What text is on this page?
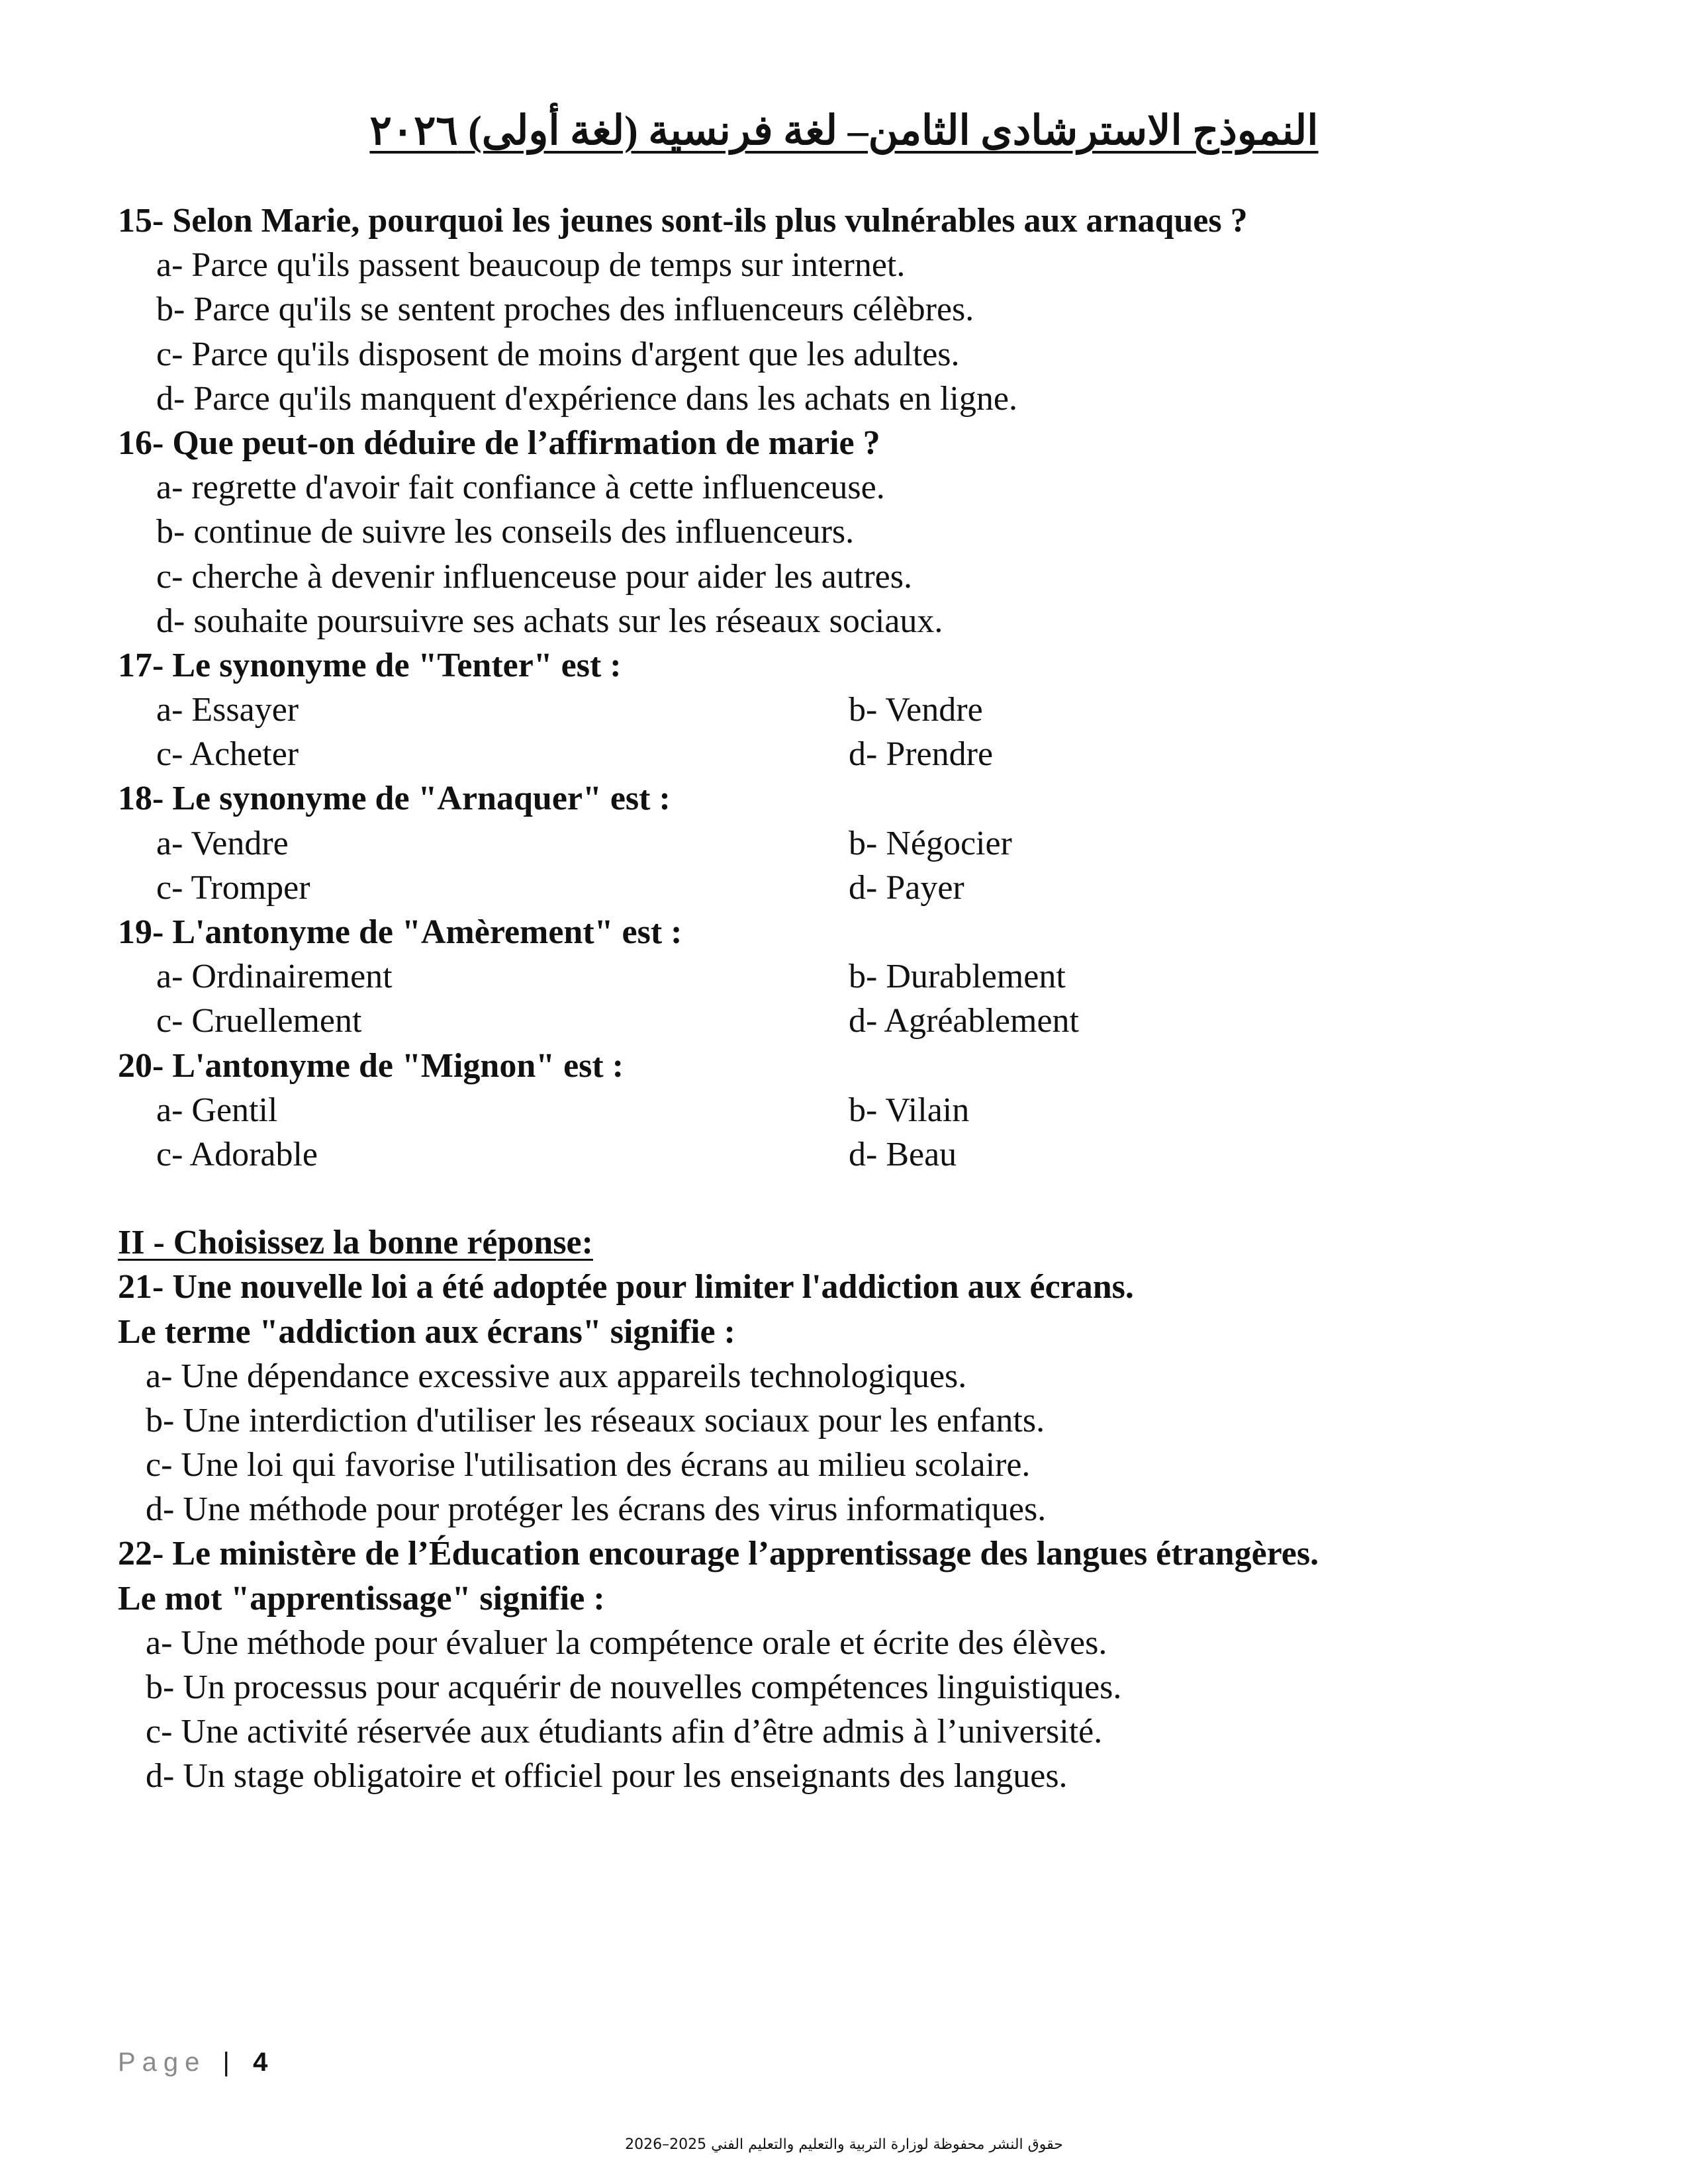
النموذج الاسترشادى الثامن– لغة فرنسية (لغة أولى) ٢٠٢٦
15- Selon Marie, pourquoi les jeunes sont-ils plus vulnérables aux arnaques ?
a- Parce qu'ils passent beaucoup de temps sur internet.
b- Parce qu'ils se sentent proches des influenceurs célèbres.
c- Parce qu'ils disposent de moins d'argent que les adultes.
d- Parce qu'ils manquent d'expérience dans les achats en ligne.
16- Que peut-on déduire de l’affirmation de marie ?
a- regrette d'avoir fait confiance à cette influenceuse.
b- continue de suivre les conseils des influenceurs.
c- cherche à devenir influenceuse pour aider les autres.
d- souhaite poursuivre ses achats sur les réseaux sociaux.
17- Le synonyme de "Tenter" est :
a- Essayer	b- Vendre
c- Acheter	d- Prendre
18- Le synonyme de "Arnaquer" est :
a- Vendre	b- Négocier
c- Tromper	d- Payer
19- L'antonyme de "Amèrement" est :
a- Ordinairement	b- Durablement
c- Cruellement	d- Agréablement
20- L'antonyme de "Mignon" est :
a- Gentil	b- Vilain
c- Adorable	d- Beau
II - Choisissez la bonne réponse:
21- Une nouvelle loi a été adoptée pour limiter l'addiction aux écrans.
Le terme "addiction aux écrans" signifie :
a- Une dépendance excessive aux appareils technologiques.
b- Une interdiction d'utiliser les réseaux sociaux pour les enfants.
c- Une loi qui favorise l'utilisation des écrans au milieu scolaire.
d- Une méthode pour protéger les écrans des virus informatiques.
22- Le ministère de l’Éducation encourage l’apprentissage des langues étrangères.
Le mot "apprentissage" signifie :
a- Une méthode pour évaluer la compétence orale et écrite des élèves.
b- Un processus pour acquérir de nouvelles compétences linguistiques.
c- Une activité réservée aux étudiants afin d’être admis à l’université.
d- Un stage obligatoire et officiel pour les enseignants des langues.
Page | 4
حقوق النشر محفوظة لوزارة التربية والتعليم والتعليم الفني 2025–2026
